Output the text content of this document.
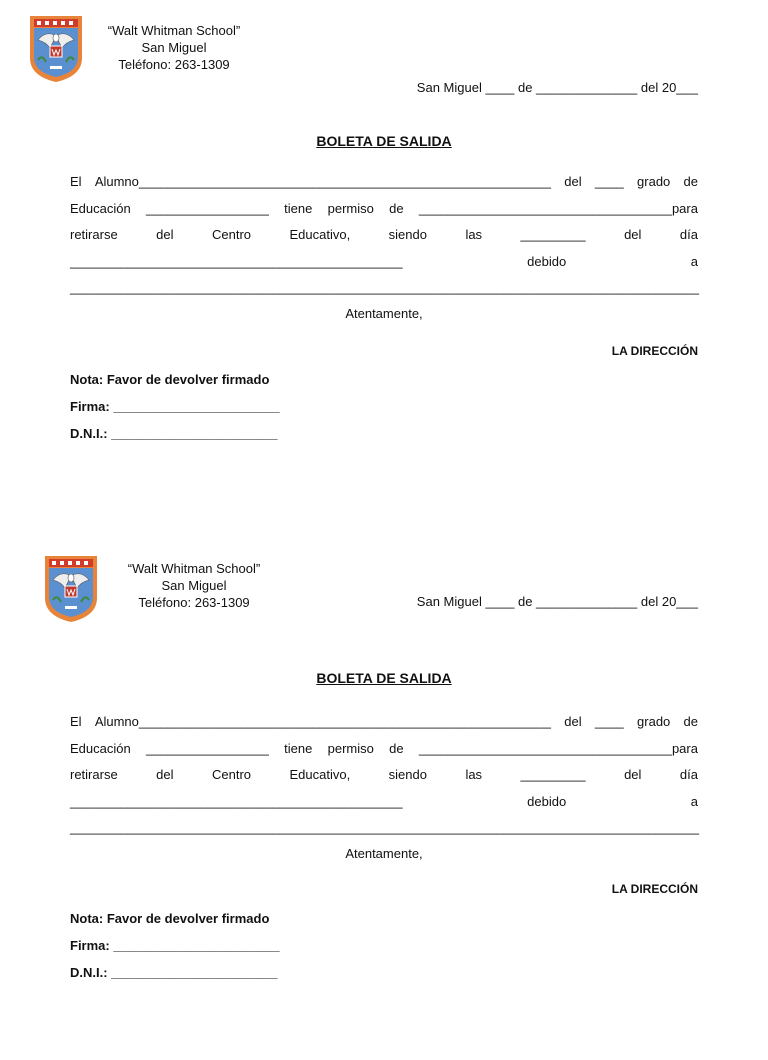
“Walt Whitman School”
San Miguel
Teléfono: 263-1309
San Miguel ____ de ______________ del 20___
BOLETA DE SALIDA
El Alumno_________________________________________________________ del ____ grado de
Educación _________________ tiene permiso de ___________________________________para
retirarse	del	Centro	Educativo,	siendo	las	_________	del	día
______________________________________________	debido	a
_______________________________________________________________________________________
Atentamente,
LA DIRECCIÓN
Nota: Favor de devolver firmado
Firma: _______________________
D.N.I.: _______________________
“Walt Whitman School”
San Miguel
Teléfono: 263-1309	San Miguel ____ de ______________ del 20___
BOLETA DE SALIDA
El Alumno_________________________________________________________ del ____ grado de
Educación _________________ tiene permiso de ___________________________________para
retirarse	del	Centro	Educativo,	siendo	las	_________	del	día
______________________________________________	debido	a
_______________________________________________________________________________________
Atentamente,
LA DIRECCIÓN
Nota: Favor de devolver firmado
Firma: _______________________
D.N.I.: _______________________
